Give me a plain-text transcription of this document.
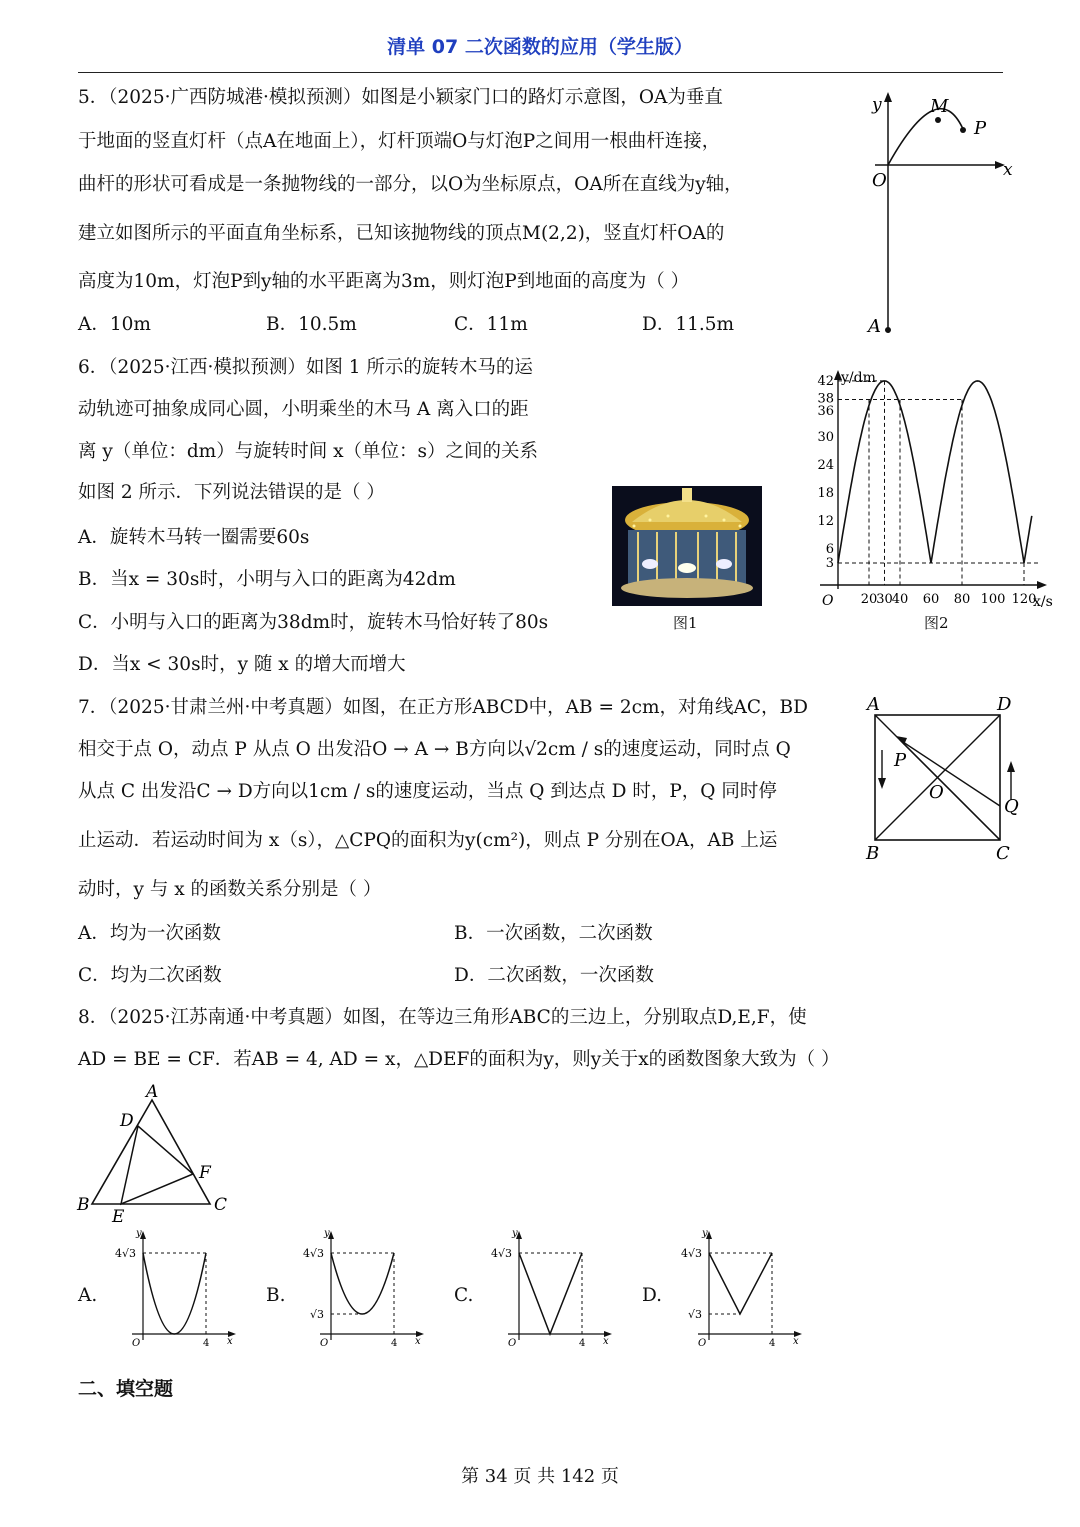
清单 07 二次函数的应用（学生版）
5．（2025·广西防城港·模拟预测）如图是小颖家门口的路灯示意图，OA为垂直
于地面的竖直灯杆（点A在地面上），灯杆顶端O与灯泡P之间用一根曲杆连接，
曲杆的形状可看成是一条抛物线的一部分，以O为坐标原点，OA所在直线为y轴，
建立如图所示的平面直角坐标系，已知该抛物线的顶点M(2,2)，竖直灯杆OA的
高度为10m，灯泡P到y轴的水平距离为3m，则灯泡P到地面的高度为（ ）
A．10m	B．10.5m	C．11m	D．11.5m
y	M
P
x
O
A
6．（2025·江西·模拟预测）如图 1 所示的旋转木马的运
动轨迹可抽象成同心圆，小明乘坐的木马 A 离入口的距
离 y（单位：dm）与旋转时间 x（单位：s）之间的关系
如图 2 所示．下列说法错误的是（ ）
A．旋转木马转一圈需要60s
B．当x = 30s时，小明与入口的距离为42dm
C．小明与入口的距离为38dm时，旋转木马恰好转了80s
D．当x < 30s时，y 随 x 的增大而增大
图1
3
6
12
18
24
30
36
38
42
20
30
40 60 80 100 120
y/dm
x/s
O
图2
7．（2025·甘肃兰州·中考真题）如图，在正方形ABCD中，AB = 2cm，对角线AC，BD
相交于点 O，动点 P 从点 O 出发沿O → A → B方向以√2cm / s的速度运动，同时点 Q
从点 C 出发沿C → D方向以1cm / s的速度运动，当点 Q 到达点 D 时，P，Q 同时停
止运动．若运动时间为 x（s），△CPQ的面积为y(cm²)，则点 P 分别在OA，AB 上运
动时，y 与 x 的函数关系分别是（ ）
A．均为一次函数	B．一次函数，二次函数
C．均为二次函数	D．二次函数，一次函数
A	D
P
O
Q
B	C
8．（2025·江苏南通·中考真题）如图，在等边三角形ABC的三边上，分别取点D,E,F，使
AD = BE = CF．若AB = 4, AD = x，△DEF的面积为y，则y关于x的函数图象大致为（ ）
A
D
F
B
E
C
A.	B.	C.	D.
y
4√3
O	4 x
y
4√3
√3
O	4 x
y
4√3
O	4 x
y
4√3
√3
O	4 x
二、填空题
第 34 页 共 142 页
